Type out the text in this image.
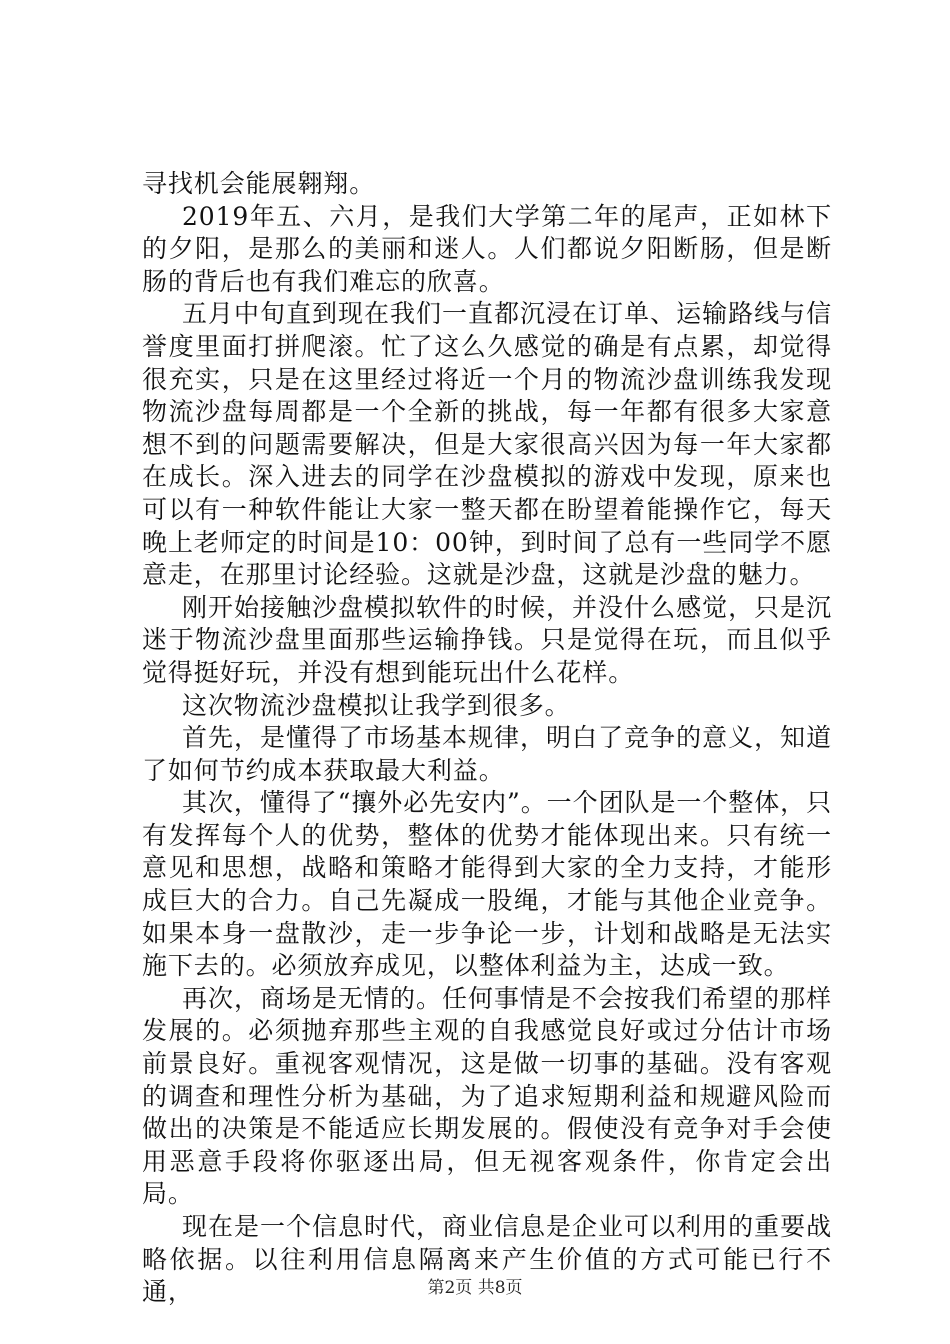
寻找机会能展翱翔。

2019年五、六月，是我们大学第二年的尾声，正如林下的夕阳，是那么的美丽和迷人。人们都说夕阳断肠，但是断肠的背后也有我们难忘的欣喜。

五月中旬直到现在我们一直都沉浸在订单、运输路线与信誉度里面打拼爬滚。忙了这么久感觉的确是有点累，却觉得很充实，只是在这里经过将近一个月的物流沙盘训练我发现物流沙盘每周都是一个全新的挑战，每一年都有很多大家意想不到的问题需要解决，但是大家很高兴因为每一年大家都在成长。深入进去的同学在沙盘模拟的游戏中发现，原来也可以有一种软件能让大家一整天都在盼望着能操作它，每天晚上老师定的时间是10：00钟，到时间了总有一些同学不愿意走，在那里讨论经验。这就是沙盘，这就是沙盘的魅力。

刚开始接触沙盘模拟软件的时候，并没什么感觉，只是沉迷于物流沙盘里面那些运输挣钱。只是觉得在玩，而且似乎觉得挺好玩，并没有想到能玩出什么花样。

这次物流沙盘模拟让我学到很多。

首先，是懂得了市场基本规律，明白了竞争的意义，知道了如何节约成本获取最大利益。

其次，懂得了“攘外必先安内”。一个团队是一个整体，只有发挥每个人的优势，整体的优势才能体现出来。只有统一意见和思想，战略和策略才能得到大家的全力支持，才能形成巨大的合力。自己先凝成一股绳，才能与其他企业竞争。如果本身一盘散沙，走一步争论一步，计划和战略是无法实施下去的。必须放弃成见，以整体利益为主，达成一致。

再次，商场是无情的。任何事情是不会按我们希望的那样发展的。必须抛弃那些主观的自我感觉良好或过分估计市场前景良好。重视客观情况，这是做一切事的基础。没有客观的调查和理性分析为基础，为了追求短期利益和规避风险而做出的决策是不能适应长期发展的。假使没有竞争对手会使用恶意手段将你驱逐出局，但无视客观条件，你肯定会出局。

现在是一个信息时代，商业信息是企业可以利用的重要战略依据。以往利用信息隔离来产生价值的方式可能已行不通，	第2页 共8页
